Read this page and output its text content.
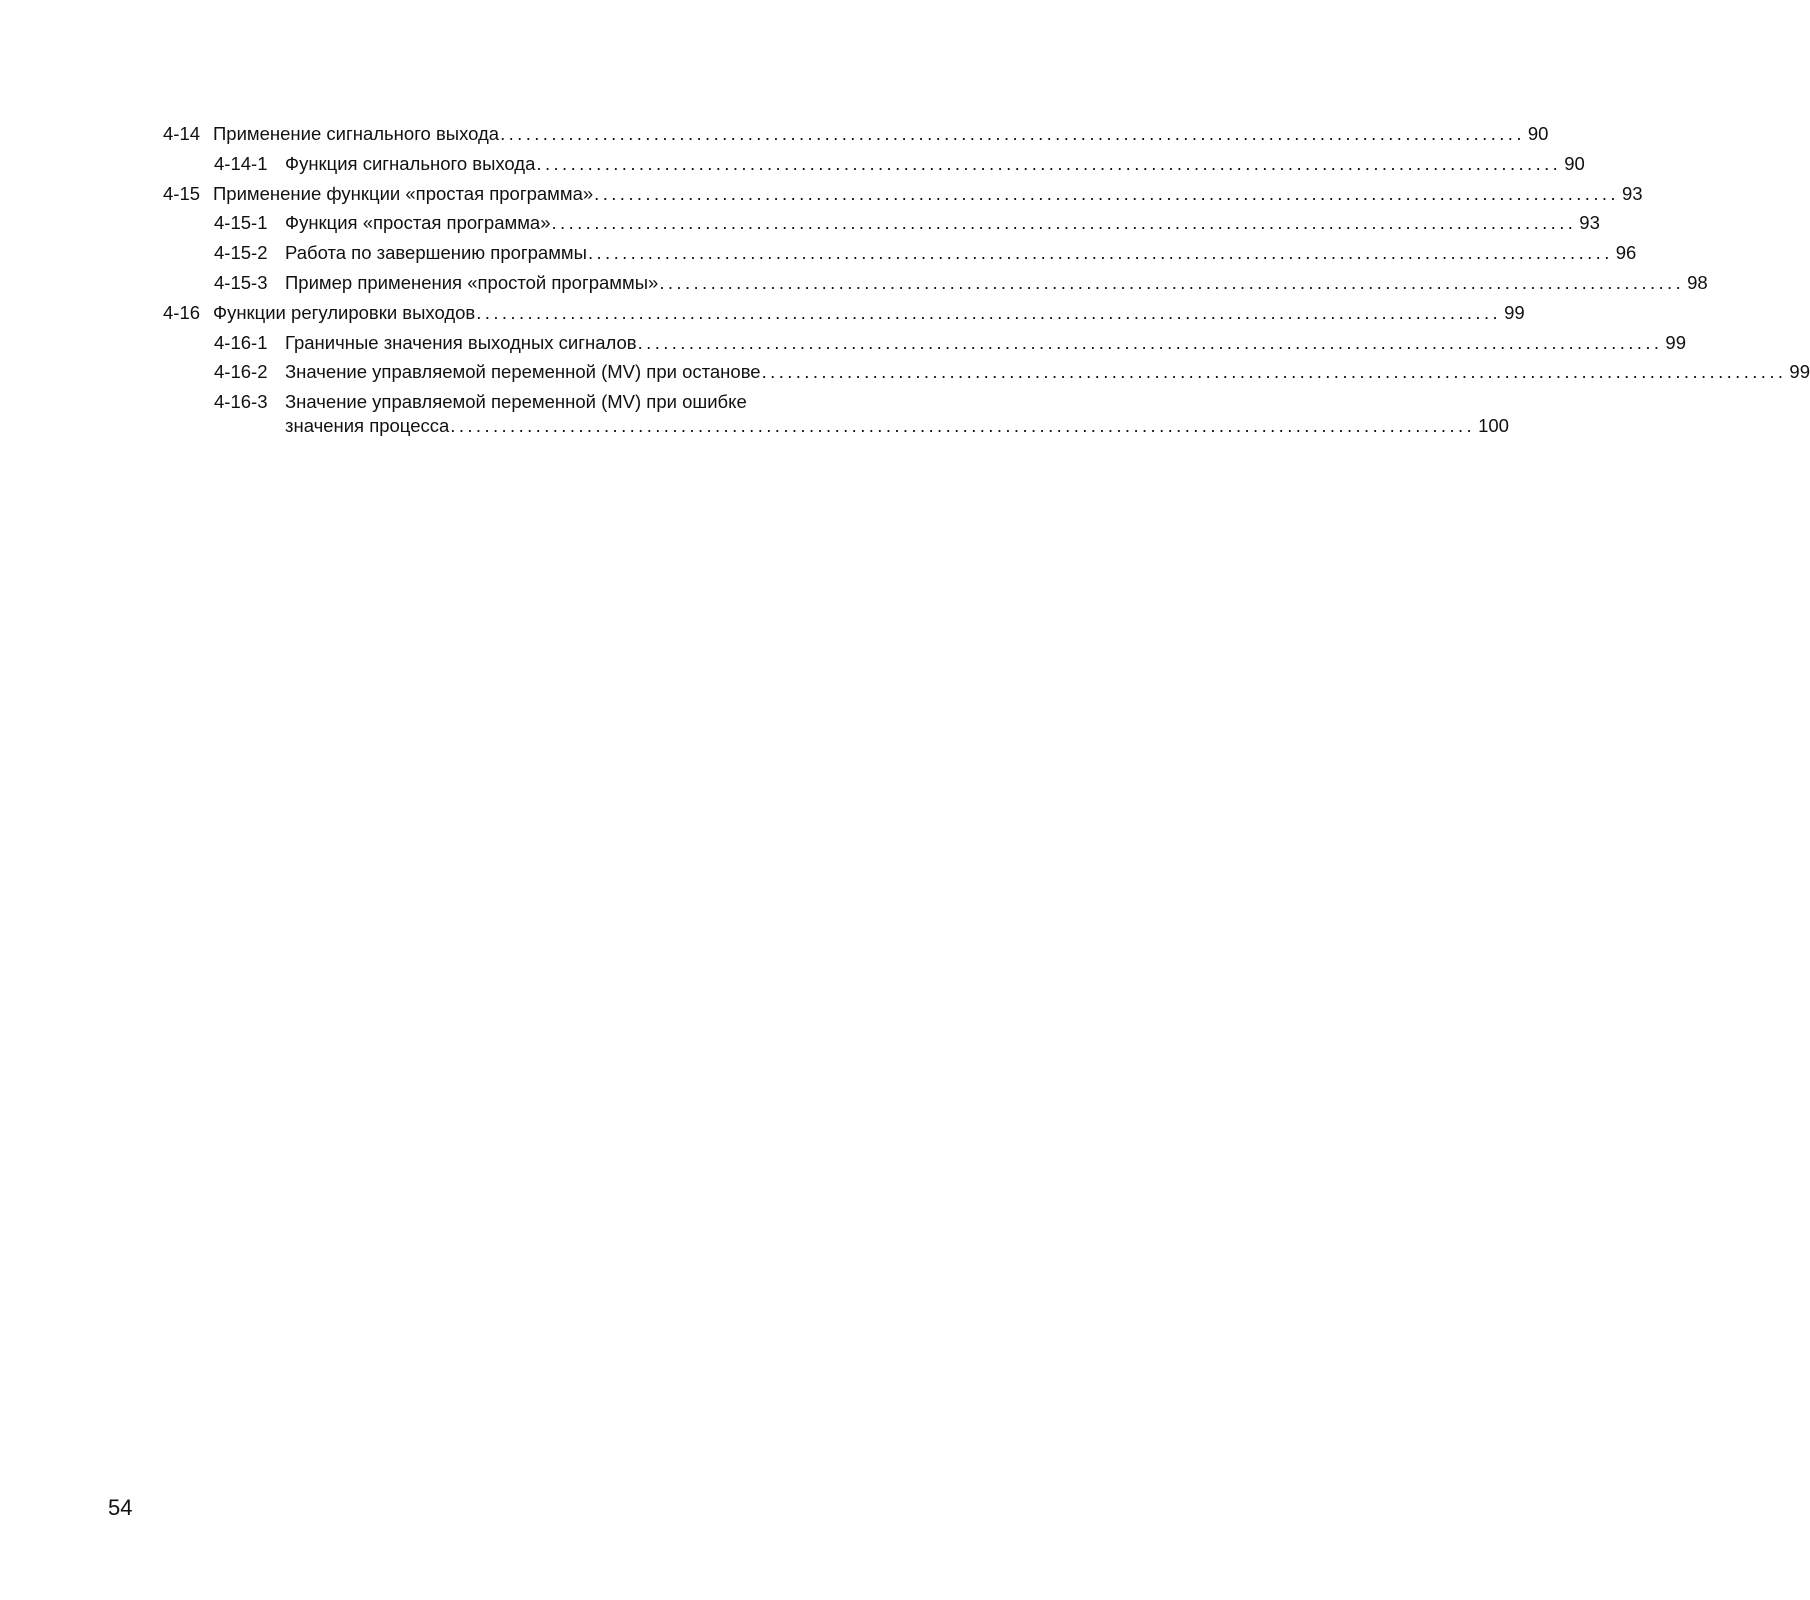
4-14 Применение сигнального выхода ........................................................................................................................ 90
4-14-1 Функция сигнального выхода ........................................................................................................................ 90
4-15 Применение функции «простая программа» ........................................................................................................................ 93
4-15-1 Функция «простая программа» ........................................................................................................................ 93
4-15-2 Работа по завершению программы ........................................................................................................................ 96
4-15-3 Пример применения «простой программы» ........................................................................................................................ 98
4-16 Функции регулировки выходов ........................................................................................................................ 99
4-16-1 Граничные значения выходных сигналов ........................................................................................................................ 99
4-16-2 Значение управляемой переменной (MV) при останове ........................................................................................................................ 99
4-16-3 Значение управляемой переменной (MV) при ошибке
значения процесса ........................................................................................................................ 100
54
